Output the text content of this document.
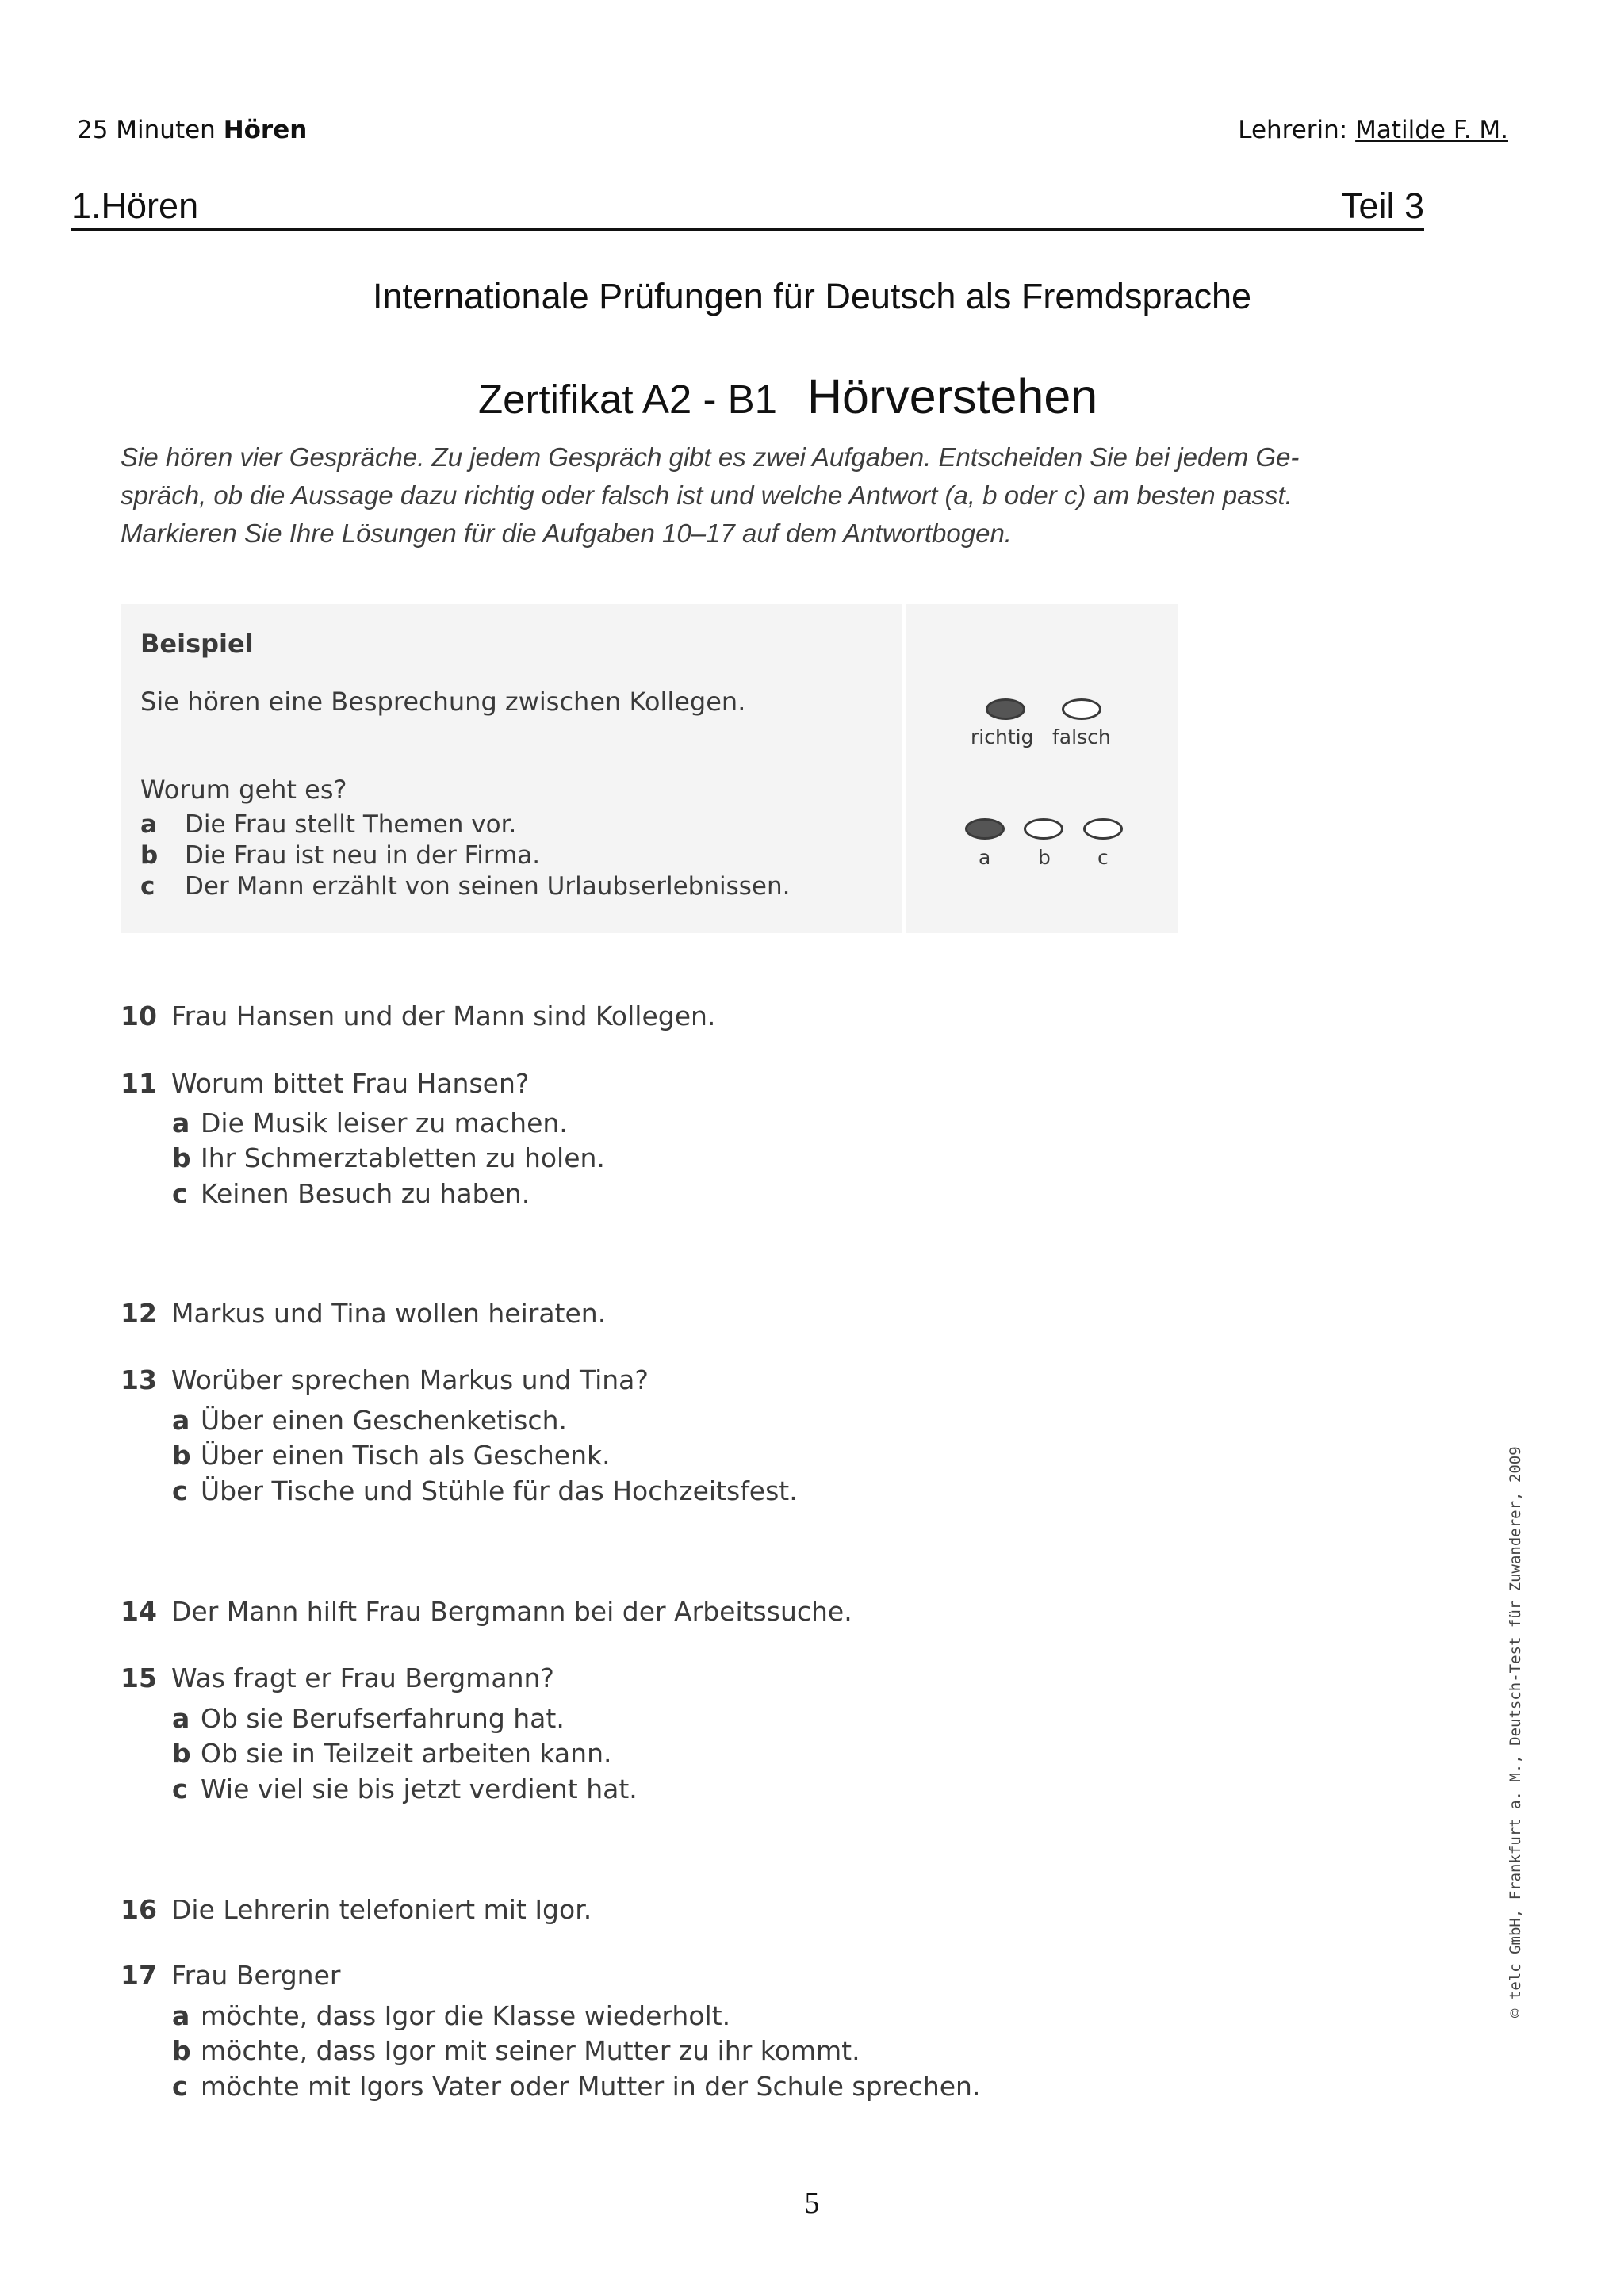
25 Minuten Hören	Lehrerin: Matilde F. M.
1.Hören	Teil 3
Internationale Prüfungen für Deutsch als Fremdsprache
Zertifikat A2 - B1 Hörverstehen
Sie hören vier Gespräche. Zu jedem Gespräch gibt es zwei Aufgaben. Entscheiden Sie bei jedem Ge-
spräch, ob die Aussage dazu richtig oder falsch ist und welche Antwort (a, b oder c) am besten passt.
Markieren Sie Ihre Lösungen für die Aufgaben 10–17 auf dem Antwortbogen.
Beispiel
Sie hören eine Besprechung zwischen Kollegen.
Worum geht es?
a Die Frau stellt Themen vor.
b Die Frau ist neu in der Firma.
c Der Mann erzählt von seinen Urlaubserlebnissen.
richtig falsch
a b c
10 Frau Hansen und der Mann sind Kollegen.
11 Worum bittet Frau Hansen?
a Die Musik leiser zu machen.
b Ihr Schmerztabletten zu holen.
c Keinen Besuch zu haben.
12 Markus und Tina wollen heiraten.
13 Worüber sprechen Markus und Tina?
a Über einen Geschenketisch.
b Über einen Tisch als Geschenk.
c Über Tische und Stühle für das Hochzeitsfest.
14 Der Mann hilft Frau Bergmann bei der Arbeitssuche.
15 Was fragt er Frau Bergmann?
a Ob sie Berufserfahrung hat.
b Ob sie in Teilzeit arbeiten kann.
c Wie viel sie bis jetzt verdient hat.
16 Die Lehrerin telefoniert mit Igor.
17 Frau Bergner
a möchte, dass Igor die Klasse wiederholt.
b möchte, dass Igor mit seiner Mutter zu ihr kommt.
c möchte mit Igors Vater oder Mutter in der Schule sprechen.
© telc GmbH, Frankfurt a. M., Deutsch-Test für Zuwanderer, 2009
5
